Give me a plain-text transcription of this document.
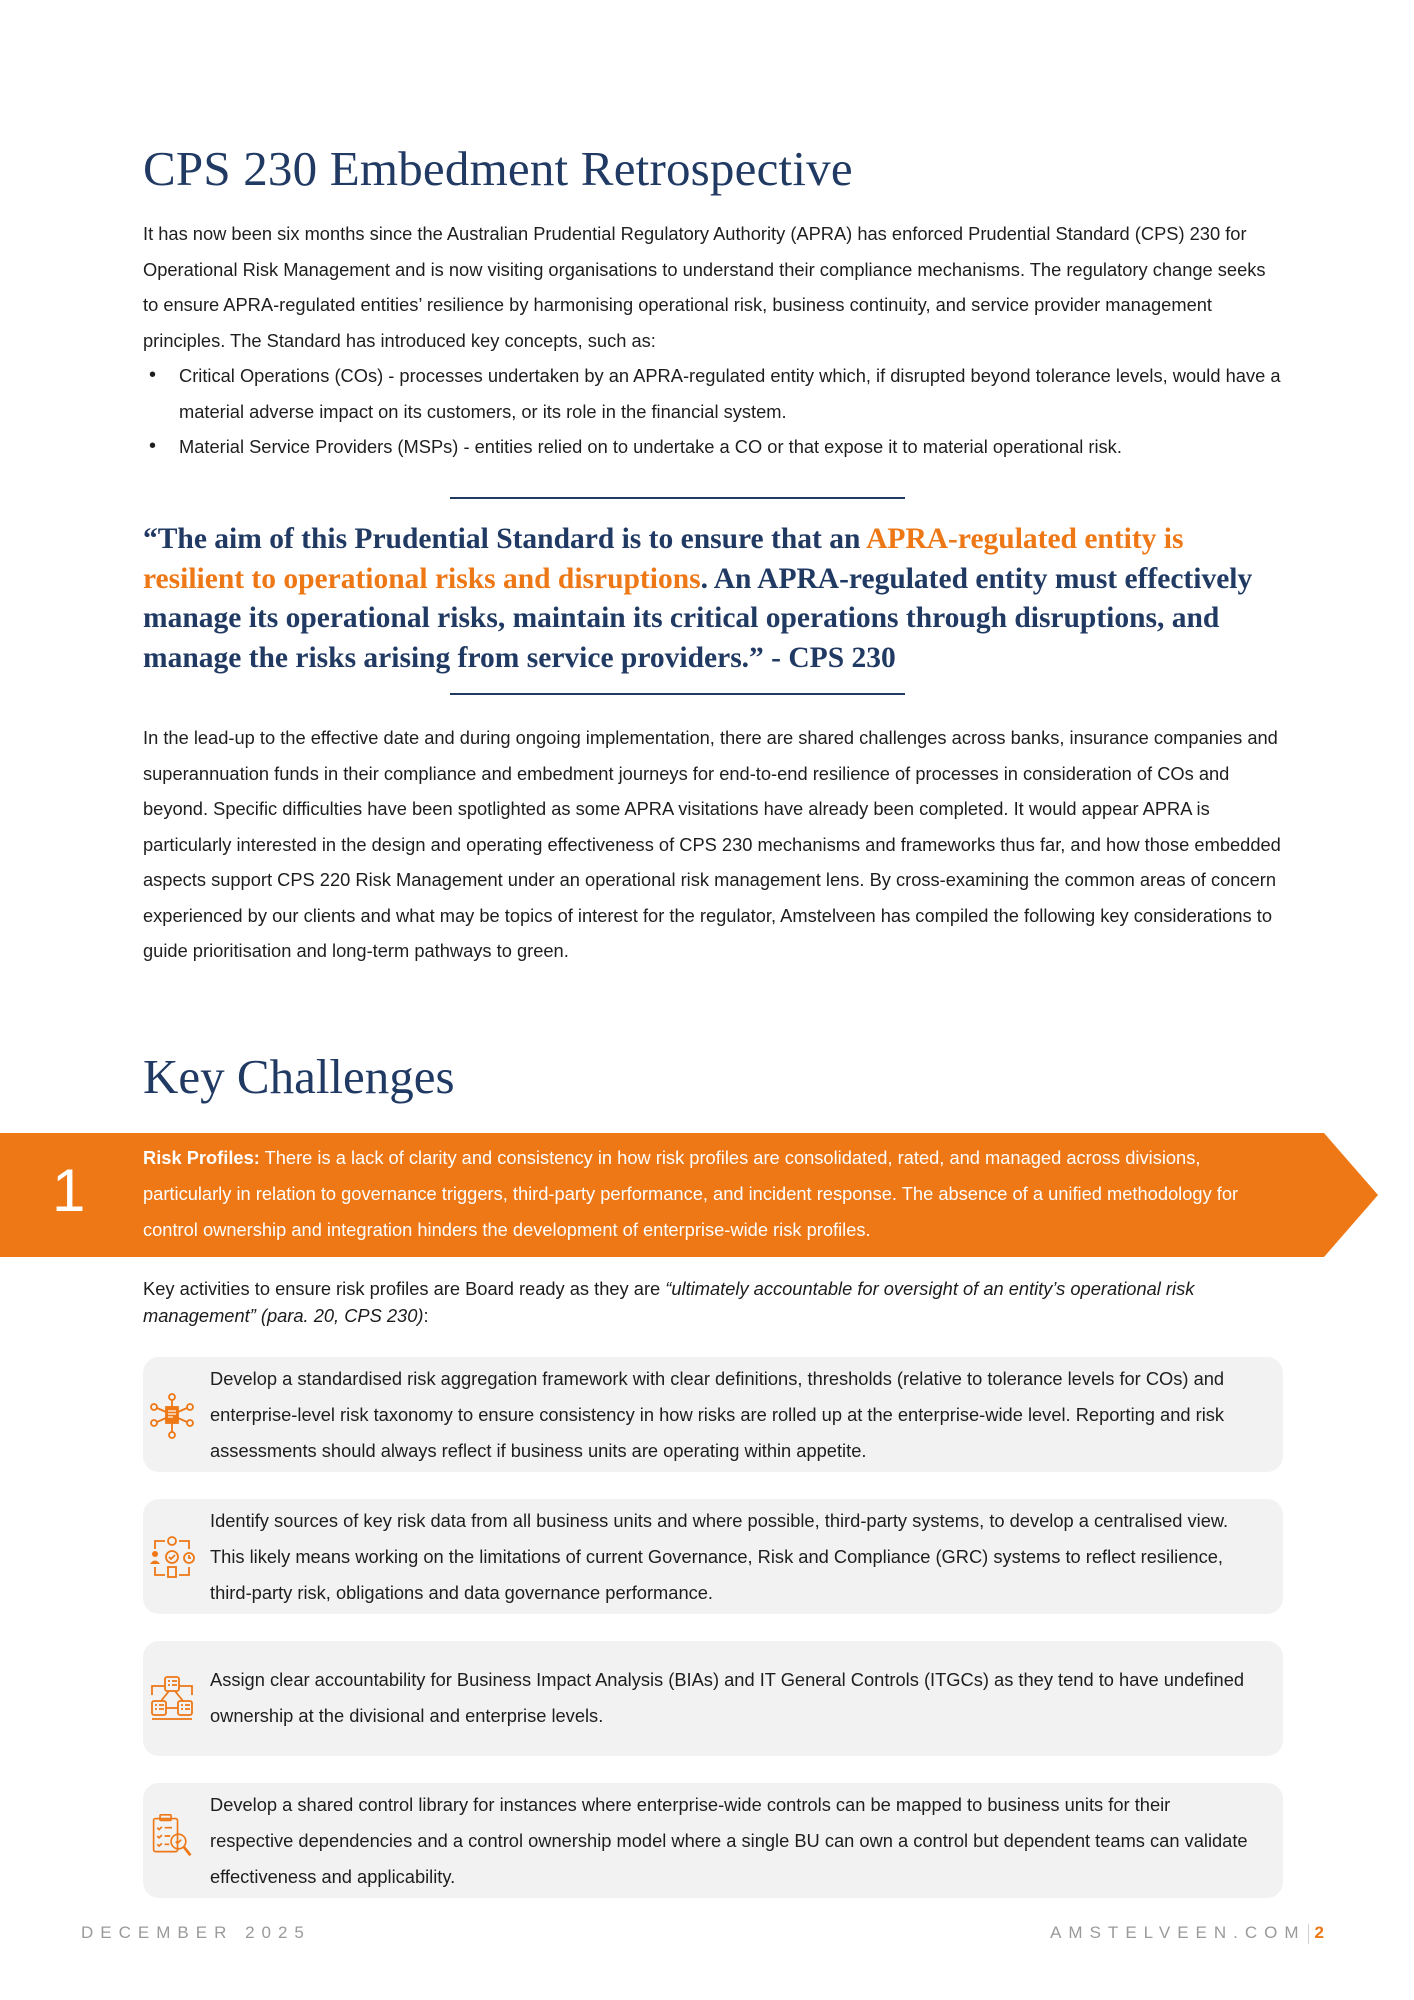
CPS 230 Embedment Retrospective

It has now been six months since the Australian Prudential Regulatory Authority (APRA) has enforced Prudential Standard (CPS) 230 for Operational Risk Management and is now visiting organisations to understand their compliance mechanisms. The regulatory change seeks to ensure APRA-regulated entities’ resilience by harmonising operational risk, business continuity, and service provider management principles. The Standard has introduced key concepts, such as:

• Critical Operations (COs) - processes undertaken by an APRA-regulated entity which, if disrupted beyond tolerance levels, would have a material adverse impact on its customers, or its role in the financial system.
• Material Service Providers (MSPs) - entities relied on to undertake a CO or that expose it to material operational risk.

“The aim of this Prudential Standard is to ensure that an APRA-regulated entity is resilient to operational risks and disruptions. An APRA-regulated entity must effectively manage its operational risks, maintain its critical operations through disruptions, and manage the risks arising from service providers.” - CPS 230

In the lead-up to the effective date and during ongoing implementation, there are shared challenges across banks, insurance companies and superannuation funds in their compliance and embedment journeys for end-to-end resilience of processes in consideration of COs and beyond. Specific difficulties have been spotlighted as some APRA visitations have already been completed. It would appear APRA is particularly interested in the design and operating effectiveness of CPS 230 mechanisms and frameworks thus far, and how those embedded aspects support CPS 220 Risk Management under an operational risk management lens. By cross-examining the common areas of concern experienced by our clients and what may be topics of interest for the regulator, Amstelveen has compiled the following key considerations to guide prioritisation and long-term pathways to green.

Key Challenges
1	Risk Profiles: There is a lack of clarity and consistency in how risk profiles are consolidated, rated, and managed across divisions, particularly in relation to governance triggers, third-party performance, and incident response. The absence of a unified methodology for control ownership and integration hinders the development of enterprise-wide risk profiles.

Key activities to ensure risk profiles are Board ready as they are “ultimately accountable for oversight of an entity’s operational risk management” (para. 20, CPS 230):

Develop a standardised risk aggregation framework with clear definitions, thresholds (relative to tolerance levels for COs) and enterprise-level risk taxonomy to ensure consistency in how risks are rolled up at the enterprise-wide level. Reporting and risk assessments should always reflect if business units are operating within appetite.

Identify sources of key risk data from all business units and where possible, third-party systems, to develop a centralised view. This likely means working on the limitations of current Governance, Risk and Compliance (GRC) systems to reflect resilience, third-party risk, obligations and data governance performance.

Assign clear accountability for Business Impact Analysis (BIAs) and IT General Controls (ITGCs) as they tend to have undefined ownership at the divisional and enterprise levels.

Develop a shared control library for instances where enterprise-wide controls can be mapped to business units for their respective dependencies and a control ownership model where a single BU can own a control but dependent teams can validate effectiveness and applicability.

DECEMBER 2025	AMSTELVEEN.COM 2
